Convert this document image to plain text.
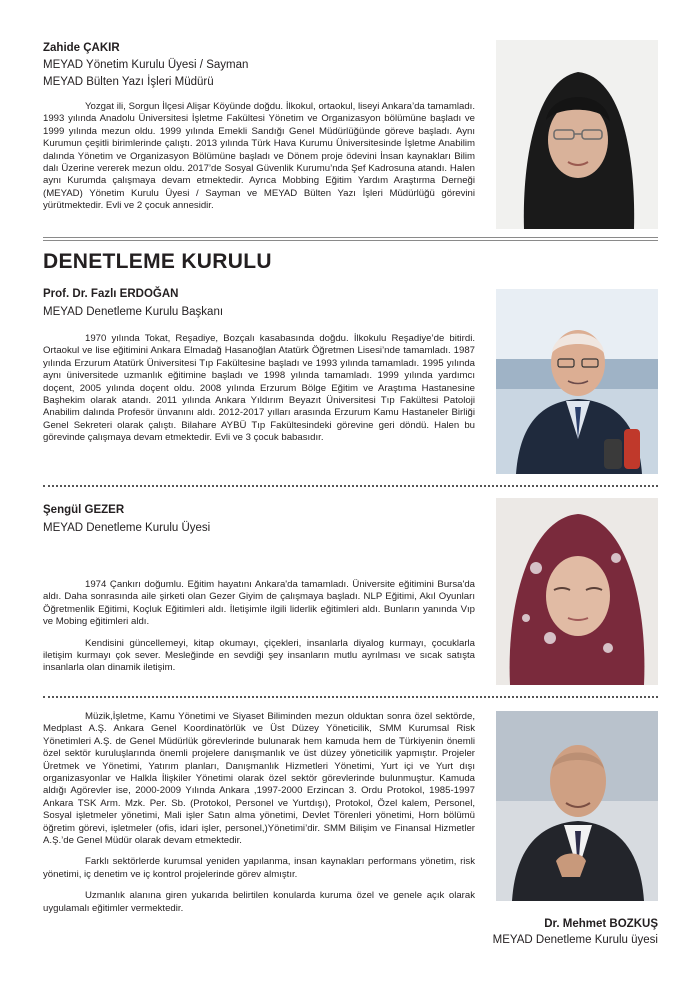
Zahide ÇAKIR
MEYAD Yönetim Kurulu Üyesi / Sayman
MEYAD Bülten Yazı İşleri Müdürü

Yozgat ili, Sorgun İlçesi Alişar Köyünde doğdu. İlkokul, ortaokul, liseyi Ankara’da tamamladı. 1993 yılında Anadolu Üniversitesi İşletme Fakültesi Yönetim ve Organizasyon bölümüne başladı ve 1999 yılında mezun oldu. 1999 yılında Emekli Sandığı Genel Müdürlüğünde göreve başladı. Aynı Kurumun çeşitli birimlerinde çalıştı. 2013 yılında Türk Hava Kurumu Üniversitesinde İşletme Anabilim dalında Yönetim ve Organizasyon Bölümüne başladı ve Dönem proje ödevini İnsan kaynakları Bilim dalı Üzerine vererek mezun oldu. 2017’de Sosyal Güvenlik Kurumu’nda Şef Kadrosuna atandı. Halen aynı Kurumda çalışmaya devam etmektedir. Ayrıca Mobbing Eğitim Yardım Araştırma Derneği (MEYAD) Yönetim Kurulu Üyesi / Sayman ve MEYAD Bülten Yazı İşleri Müdürlüğü görevini yürütmektedir. Evli ve 2 çocuk annesidir.

DENETLEME KURULU
Prof. Dr. Fazlı ERDOĞAN
MEYAD Denetleme Kurulu Başkanı

1970 yılında Tokat, Reşadiye, Bozçalı kasabasında doğdu. İlkokulu Reşadiye’de bitirdi. Ortaokul ve lise eğitimini Ankara Elmadağ Hasanoğlan Atatürk Öğretmen Lisesi’nde tamamladı. 1987 yılında Erzurum Atatürk Üniversitesi Tıp Fakültesine başladı ve 1993 yılında tamamladı. 1995 yılında aynı üniversitede uzmanlık eğitimine başladı ve 1998 yılında tamamladı. 1999 yılında yardımcı doçent, 2005 yılında doçent oldu. 2008 yılında Erzurum Bölge Eğitim ve Araştıma Hastanesine Başhekim olarak atandı. 2011 yılında Ankara Yıldırım Beyazıt Üniversitesi Tıp Fakültesi Patoloji Anabilim dalında Profesör ünvanını aldı. 2012-2017 yılları arasında Erzurum Kamu Hastaneler Birliği Genel Sekreteri olarak çalıştı. Bilahare AYBÜ Tıp Fakültesindeki görevine geri döndü. Halen bu görevinde çalışmaya devam etmektedir. Evli ve 3 çocuk babasıdır.

Şengül GEZER
MEYAD Denetleme Kurulu Üyesi

1974 Çankırı doğumlu. Eğitim hayatını Ankara'da tamamladı. Üniversite eğitimini Bursa'da aldı. Daha sonrasında aile şirketi olan Gezer Giyim de çalışmaya başladı. NLP Eğitimi, Akıl Oyunları Öğretmenlik Eğitimi, Koçluk Eğitimleri aldı. İletişimle ilgili liderlik eğitimleri aldı. Bunların yanında Vıp ve Mobing eğitimleri aldı.

Kendisini güncellemeyi, kitap okumayı, çiçekleri, insanlarla diyalog kurmayı, çocuklarla iletişim kurmayı çok sever. Mesleğinde en sevdiği şey insanların mutlu ayrılması ve sıcak satışta insanlarla olan dinamik iletişim.

Müzik,İşletme, Kamu Yönetimi ve Siyaset Biliminden mezun olduktan sonra özel sektörde, Medplast A.Ş. Ankara Genel Koordinatörlük ve Üst Düzey Yöneticilik, SMM Kurumsal Risk Yönetimleri A.Ş. de Genel Müdürlük görevlerinde bulunarak hem kamuda hem de Türkiyenin önemli özel sektör kuruluşlarında önemli projelere danışmanlık ve üst düzey yöneticilik yapmıştır. Projeler Üretmek ve Yönetimi, Yatırım planları, Danışmanlık Hizmetleri Yönetimi, Yurt içi ve Yurt dışı organizasyonlar ve Halkla İlişkiler Yönetimi olarak özel sektör görevlerinde bulunmuştur. Kamuda aldığı Agörevler ise, 2000-2009 Yılında Ankara ,1997-2000 Erzincan 3. Ordu Protokol, 1985-1997 Ankara TSK Arm. Mzk. Per. Sb. (Protokol, Personel ve Yurtdışı), Protokol, Özel kalem, Personel, Sosyal işletmeler yönetimi, Mali işler Satın alma yönetimi, Devlet Törenleri yönetimi, Horn bölümü öğretim görevi, işletmeler (ofis, idari işler, personel,)Yönetimi’dir. SMM Bilişim ve Finansal Hizmetler A.Ş.’de Genel Müdür olarak devam etmektedir.

Farklı sektörlerde kurumsal yeniden yapılanma, insan kaynakları performans yönetim, risk yönetimi, iç denetim ve iç kontrol projelerinde görev almıştır.

Uzmanlık alanına giren yukarıda belirtilen konularda kuruma özel ve genele açık olarak uygulamalı eğitimler vermektedir.

Dr. Mehmet BOZKUŞ
MEYAD Denetleme Kurulu üyesi
